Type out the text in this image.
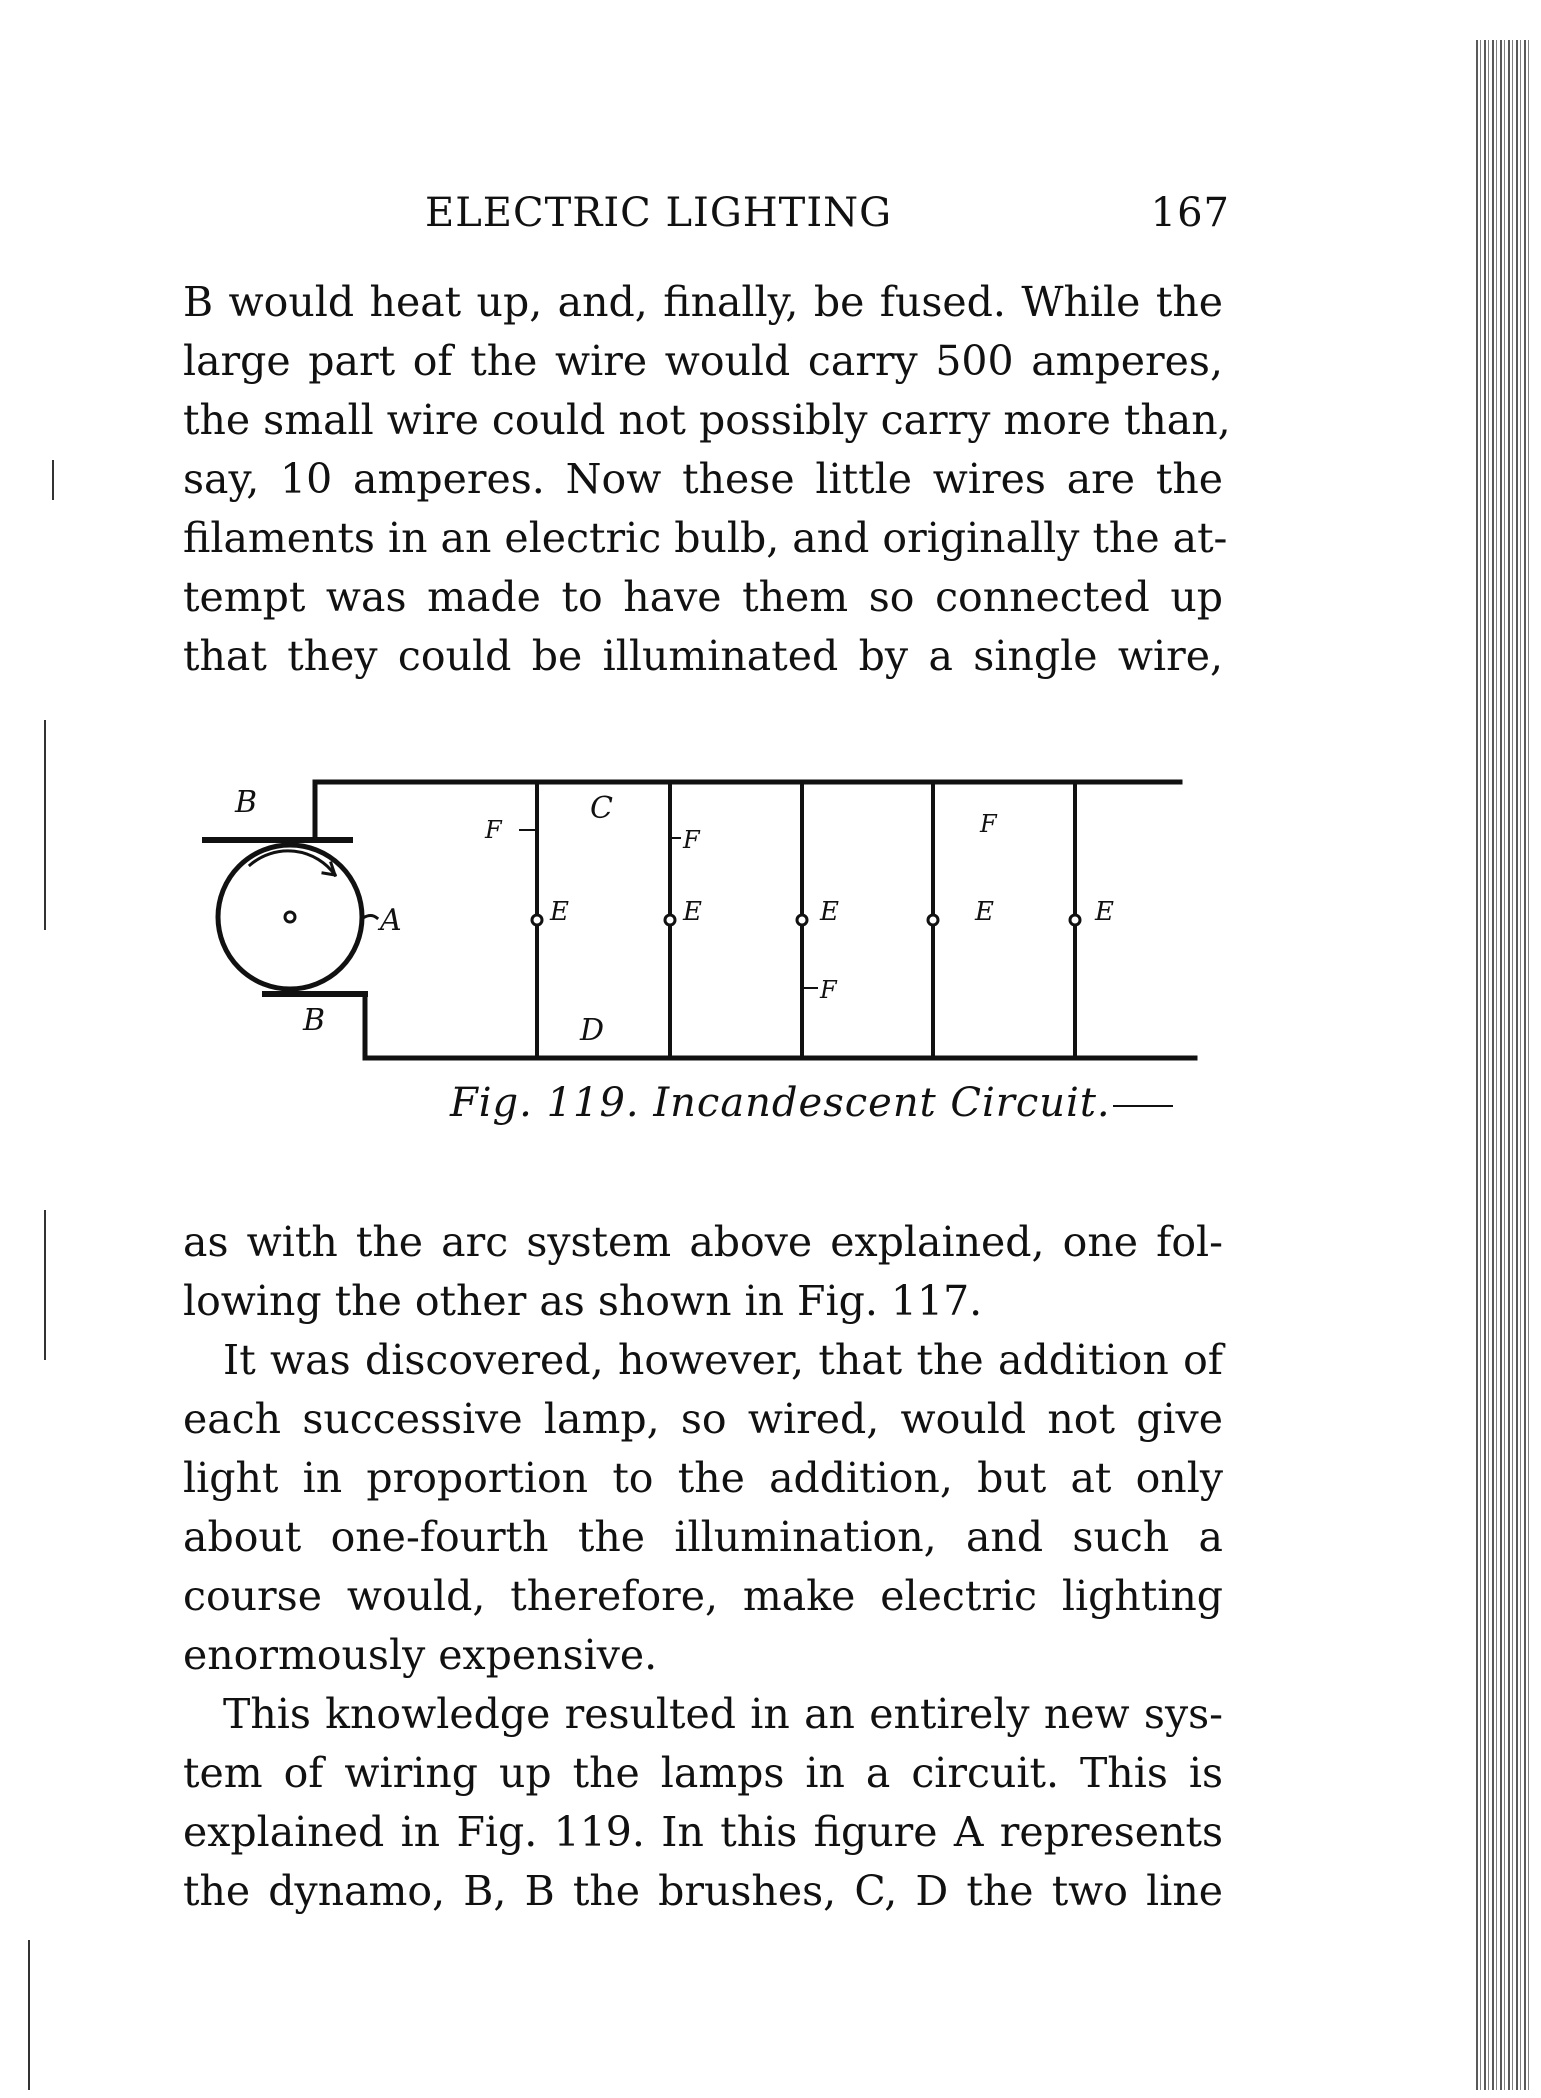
ELECTRIC LIGHTING	167
B would heat up, and, finally, be fused. While the
large part of the wire would carry 500 amperes,
the small wire could not possibly carry more than,
say, 10 amperes. Now these little wires are the
filaments in an electric bulb, and originally the at-
tempt was made to have them so connected up
that they could be illuminated by a single wire,
B
B
A
C
D
F	F
F
F
E	E	E	E	E
Fig. 119. Incandescent Circuit.
as with the arc system above explained, one fol-
lowing the other as shown in Fig. 117.
It was discovered, however, that the addition of
each successive lamp, so wired, would not give
light in proportion to the addition, but at only
about one-fourth the illumination, and such a
course would, therefore, make electric lighting
enormously expensive.
This knowledge resulted in an entirely new sys-
tem of wiring up the lamps in a circuit. This is
explained in Fig. 119. In this figure A represents
the dynamo, B, B the brushes, C, D the two line
